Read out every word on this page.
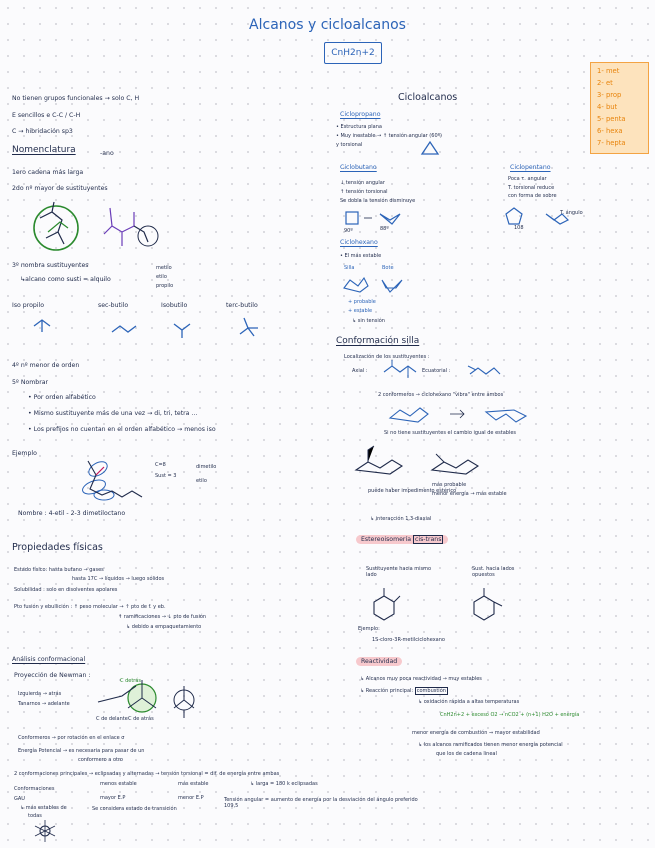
Alcanos y cicloalcanos
CnH2n+2
1- met
2- et
3- prop
4- but
5- penta
6- hexa
7- hepta
No tienen grupos funcionales → solo C, H
E sencillos e C-C / C-H
C → hibridación sp3
Nomenclatura	-ano
1ero cadena más larga
2do nº mayor de sustituyentes
3º nombra sustituyentes
↳alcano como susti = alquilo
metilo
etilo
propilo
Iso propilo	sec-butilo	Isobutilo	terc-butilo
4º nº menor de orden
5º Nombrar
• Por orden alfabético
• Mismo sustituyente más de una vez → di, tri, tetra ...
• Los prefijos no cuentan en el orden alfabético → menos iso
Ejemplo
C=8
Sust = 3
dimetilo
etilo
Nombre : 4-etil - 2-3 dimetiloctano
Propiedades físicas
Estado físico: hasta butano → gases
hasta 17C → líquidos → luego sólidos
Solubilidad : solo en disolventes apolares
Pto fusión y ebullición : ↑ peso molecular → ↑ pto de f. y eb.
↑ ramificaciones → ↓ pto de fusión
↳ debido a empaquetamiento
Análisis conformacional
Proyección de Newman :
Izquierda → atrás
Tanarnos → adelante
C detrás
C de delante C de atrás
Conformeros → por rotación en el enlace σ
Energía Potencial → es necesaria para pasar de un
conformero a otro
2 conformaciones principales → eclipsadas y alternadas → tensión torsional = dif. de energía entre ambas
menos estable
mayor E.P
más estable
menor E.P
↳ larga = 180 k eclipsadas
Se considera estado de transición
Conformaciones
GAU
↳ más estables de
todas
Tensión angular = aumento de energía por la desviación del ángulo preferido 109,5
Cicloalcanos
Ciclopropano
• Estructura plana
• Muy inestable → ↑ tensión angular (60º)
y torsional
Ciclobutano
↓ tensión angular
↑ tensión torsional
Se dobla la tensión disminuye
90º	88º
Ciclopentano
Poca τ. angular
T. torsional reduce
con forma de sobre
108
T. ángulo
Ciclohexano
• El más estable
Silla	Bote
+ probable
+ estable
↳ sin tensión
Conformación silla
Localización de los sustituyentes :
Axial :	Ecuatorial :
2 conformeros → ciclohexano "vibra" entre ambos
Si no tiene sustituyentes el cambio igual de estables
puede haber impedimento estérico
↳ interacción 1,3-diaxial
más probable
menor energía → más estable
Estereoisomería cis-trans
Sustituyente hacia mismo lado
Sust. hacia lados opuestos
Ejemplo:
1S-cloro-3R-metilciclohexano
Reactividad
↳ Alcanos muy poca reactividad → muy estables
↳ Reacción principal: combustión
↳ oxidación rápida a altas temperaturas
CnH2n+2 + exceso O2 → nCO2 + (n+1) H2O + energía
menor energía de combustión ⇒ mayor estabilidad
↳ los alcanos ramificados tienen menor energía potencial
que los de cadena lineal
